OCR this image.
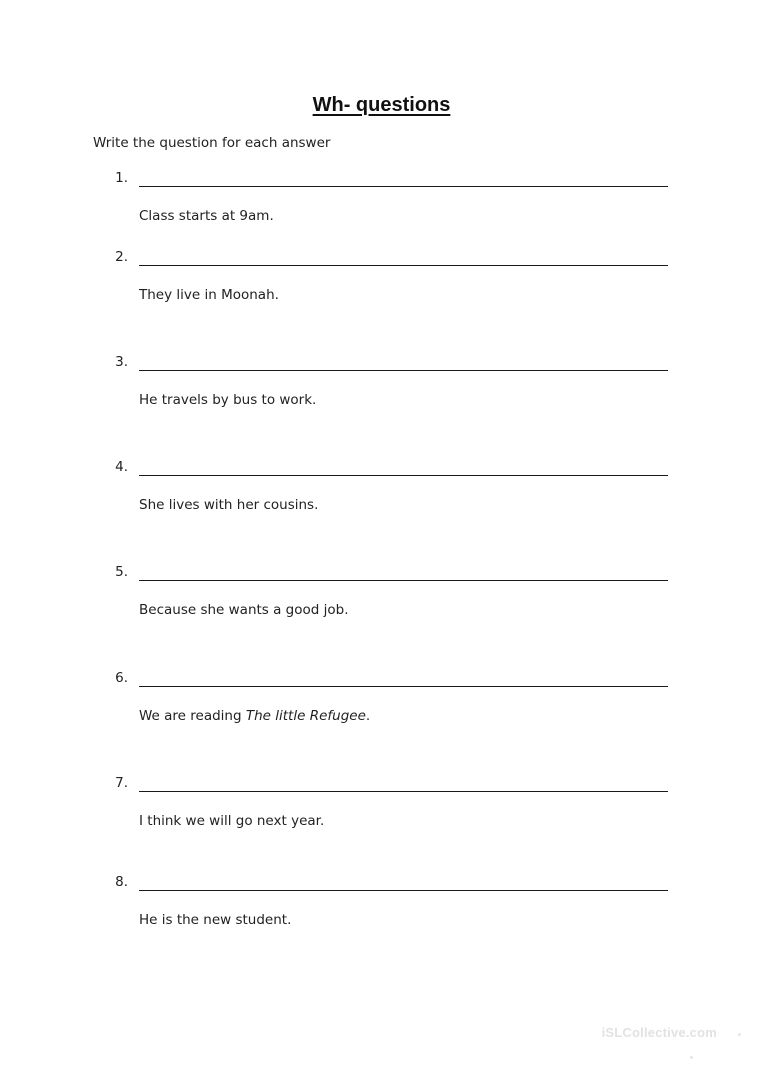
Wh- questions
Write the question for each answer
1.
Class starts at 9am.
2.
They live in Moonah.
3.
He travels by bus to work.
4.
She lives with her cousins.
5.
Because she wants a good job.
6.
We are reading The little Refugee.
7.
I think we will go next year.
8.
He is the new student.
iSLCollective.com
